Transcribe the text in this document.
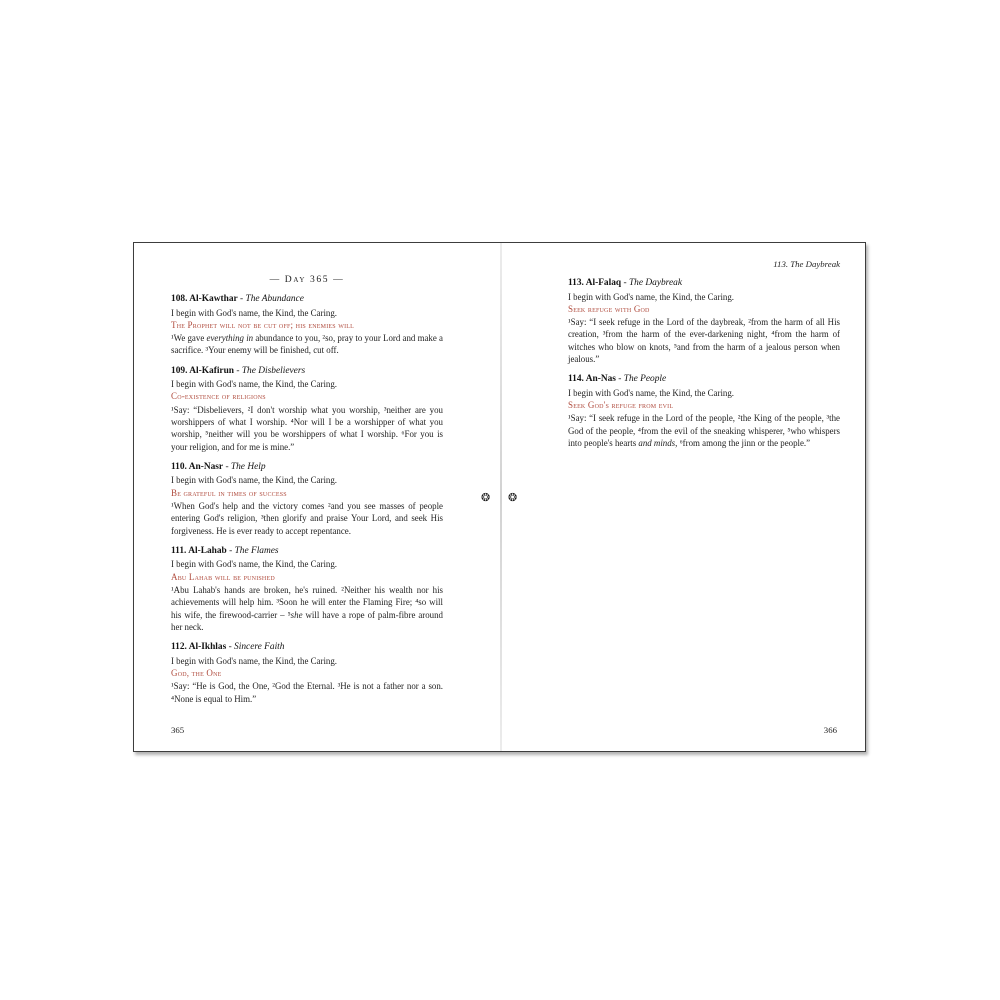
❂ ❂
— Day 365 —
108. Al-Kawthar - The Abundance
I begin with God's name, the Kind, the Caring.
The Prophet will not be cut off; his enemies will
¹We gave everything in abundance to you, ²so, pray to your Lord and make a sacrifice. ³Your enemy will be finished, cut off.
109. Al-Kafirun - The Disbelievers
I begin with God's name, the Kind, the Caring.
Co-existence of religions
¹Say: “Disbelievers, ²I don't worship what you worship, ³neither are you worshippers of what I worship. ⁴Nor will I be a worshipper of what you worship, ⁵neither will you be worshippers of what I worship. ⁶For you is your religion, and for me is mine.”
110. An-Nasr - The Help
I begin with God's name, the Kind, the Caring.
Be grateful in times of success
¹When God's help and the victory comes ²and you see masses of people entering God's religion, ³then glorify and praise Your Lord, and seek His forgiveness. He is ever ready to accept repentance.
111. Al-Lahab - The Flames
I begin with God's name, the Kind, the Caring.
Abu Lahab will be punished
¹Abu Lahab's hands are broken, he's ruined. ²Neither his wealth nor his achievements will help him. ³Soon he will enter the Flaming Fire; ⁴so will his wife, the firewood-carrier – ⁵she will have a rope of palm-fibre around her neck.
112. Al-Ikhlas - Sincere Faith
I begin with God's name, the Kind, the Caring.
God, the One
¹Say: “He is God, the One, ²God the Eternal. ³He is not a father nor a son. ⁴None is equal to Him.”
113. The Daybreak
113. Al-Falaq - The Daybreak
I begin with God's name, the Kind, the Caring.
Seek refuge with God
¹Say: “I seek refuge in the Lord of the daybreak, ²from the harm of all His creation, ³from the harm of the ever-darkening night, ⁴from the harm of witches who blow on knots, ⁵and from the harm of a jealous person when jealous.”
114. An-Nas - The People
I begin with God's name, the Kind, the Caring.
Seek God's refuge from evil
¹Say: “I seek refuge in the Lord of the people, ²the King of the people, ³the God of the people, ⁴from the evil of the sneaking whisperer, ⁵who whispers into people's hearts and minds, ⁶from among the jinn or the people.”
365	366
